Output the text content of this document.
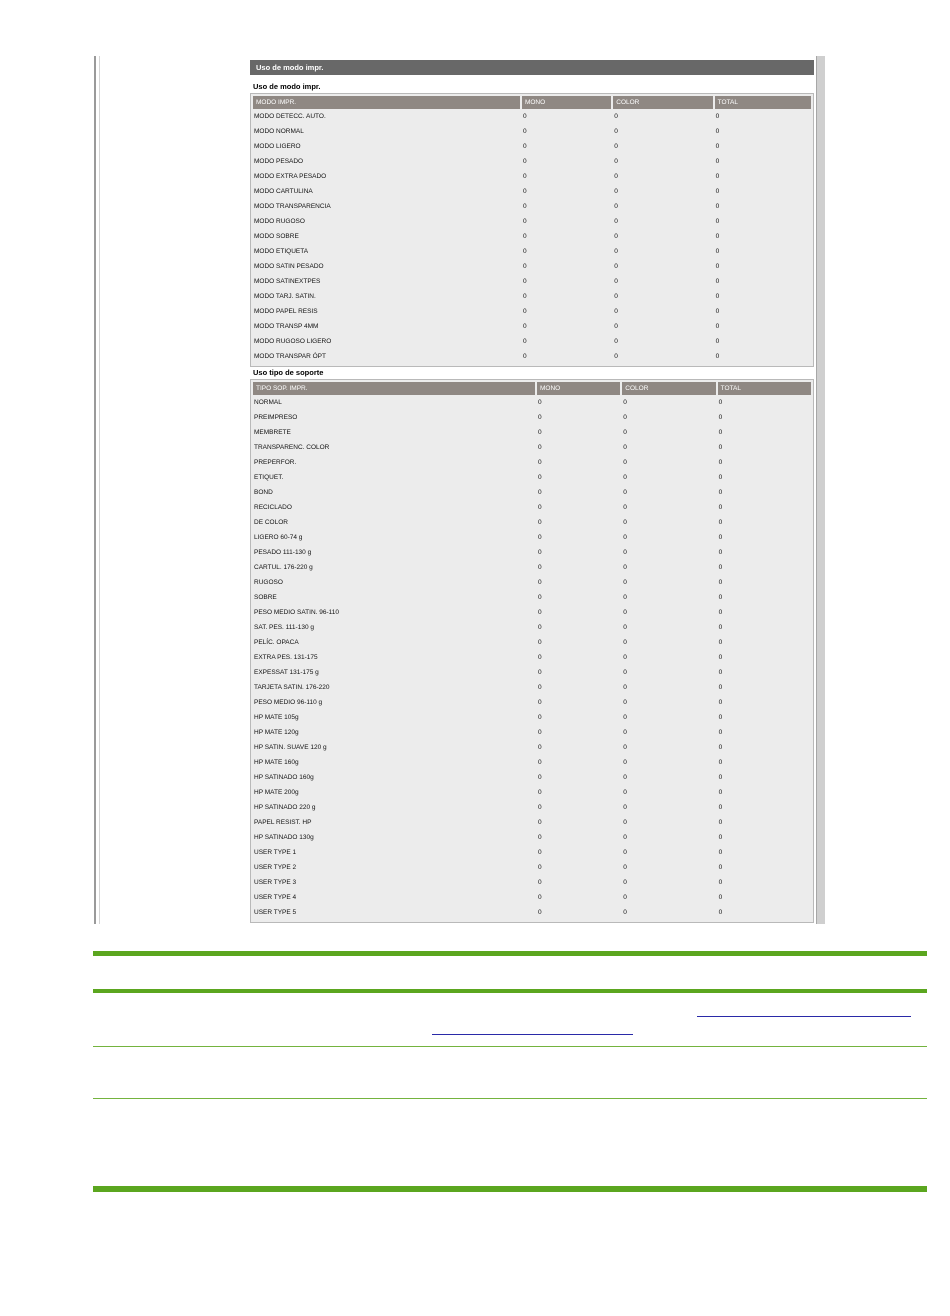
Uso de modo impr.
Uso de modo impr.
MODO IMPR.	MONO	COLOR	TOTAL
MODO DETECC. AUTO.	0	0	0
MODO NORMAL	0	0	0
MODO LIGERO	0	0	0
MODO PESADO	0	0	0
MODO EXTRA PESADO	0	0	0
MODO CARTULINA	0	0	0
MODO TRANSPARENCIA	0	0	0
MODO RUGOSO	0	0	0
MODO SOBRE	0	0	0
MODO ETIQUETA	0	0	0
MODO SATIN PESADO	0	0	0
MODO SATINEXTPES	0	0	0
MODO TARJ. SATIN.	0	0	0
MODO PAPEL RESIS	0	0	0
MODO TRANSP 4MM	0	0	0
MODO RUGOSO LIGERO	0	0	0
MODO TRANSPAR ÓPT	0	0	0
Uso tipo de soporte
TIPO SOP. IMPR.	MONO	COLOR	TOTAL
NORMAL	0	0	0
PREIMPRESO	0	0	0
MEMBRETE	0	0	0
TRANSPARENC. COLOR	0	0	0
PREPERFOR.	0	0	0
ETIQUET.	0	0	0
BOND	0	0	0
RECICLADO	0	0	0
DE COLOR	0	0	0
LIGERO 60-74 g	0	0	0
PESADO 111-130 g	0	0	0
CARTUL. 176-220 g	0	0	0
RUGOSO	0	0	0
SOBRE	0	0	0
PESO MEDIO SATIN. 96-110	0	0	0
SAT. PES. 111-130 g	0	0	0
PELÍC. OPACA	0	0	0
EXTRA PES. 131-175	0	0	0
EXPESSAT 131-175 g	0	0	0
TARJETA SATIN. 176-220	0	0	0
PESO MEDIO 96-110 g	0	0	0
HP MATE 105g	0	0	0
HP MATE 120g	0	0	0
HP SATIN. SUAVE 120 g	0	0	0
HP MATE 160g	0	0	0
HP SATINADO 160g	0	0	0
HP MATE 200g	0	0	0
HP SATINADO 220 g	0	0	0
PAPEL RESIST. HP	0	0	0
HP SATINADO 130g	0	0	0
USER TYPE 1	0	0	0
USER TYPE 2	0	0	0
USER TYPE 3	0	0	0
USER TYPE 4	0	0	0
USER TYPE 5	0	0	0
